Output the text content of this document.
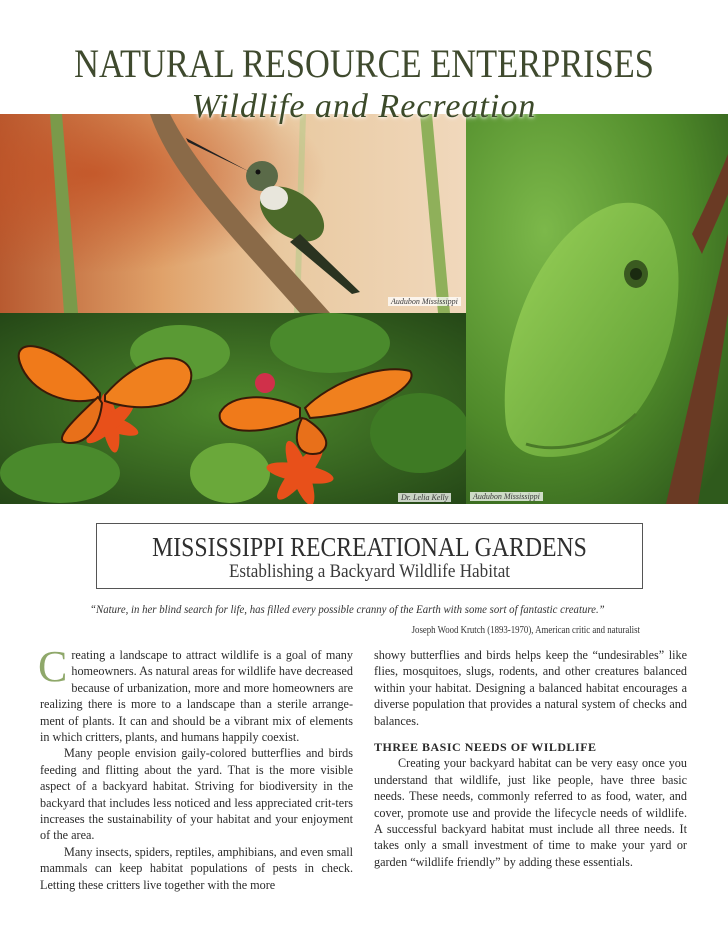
NATURAL RESOURCE ENTERPRISES
Audubon Mississippi
Audubon Mississippi
Dr. Lelia Kelly
Wildlife and Recreation
MISSISSIPPI RECREATIONAL GARDENS
Establishing a Backyard Wildlife Habitat
“Nature, in her blind search for life, has filled every possible cranny of the Earth with some sort of fantastic creature.”
Joseph Wood Krutch (1893-1970), American critic and naturalist

Creating a landscape to attract wildlife is a goal of many homeowners. As natural areas for wildlife have decreased because of urbanization, more and more homeowners are realizing there is more to a landscape than a sterile arrange-ment of plants. It can and should be a vibrant mix of elements in which critters, plants, and humans happily coexist.

Many people envision gaily-colored butterflies and birds feeding and flitting about the yard. That is the more visible aspect of a backyard habitat. Striving for biodiversity in the backyard that includes less noticed and less appreciated crit-ters increases the sustainability of your habitat and your enjoyment of the area.

Many insects, spiders, reptiles, amphibians, and even small mammals can keep habitat populations of pests in check. Letting these critters live together with the more

showy butterflies and birds helps keep the “undesirables” like flies, mosquitoes, slugs, rodents, and other creatures balanced within your habitat. Designing a balanced habitat encourages a diverse population that provides a natural system of checks and balances.

THREE BASIC NEEDS OF WILDLIFE

Creating your backyard habitat can be very easy once you understand that wildlife, just like people, have three basic needs. These needs, commonly referred to as food, water, and cover, promote use and provide the lifecycle needs of wildlife. A successful backyard habitat must include all three needs. It takes only a small investment of time to make your yard or garden “wildlife friendly” by adding these essentials.
